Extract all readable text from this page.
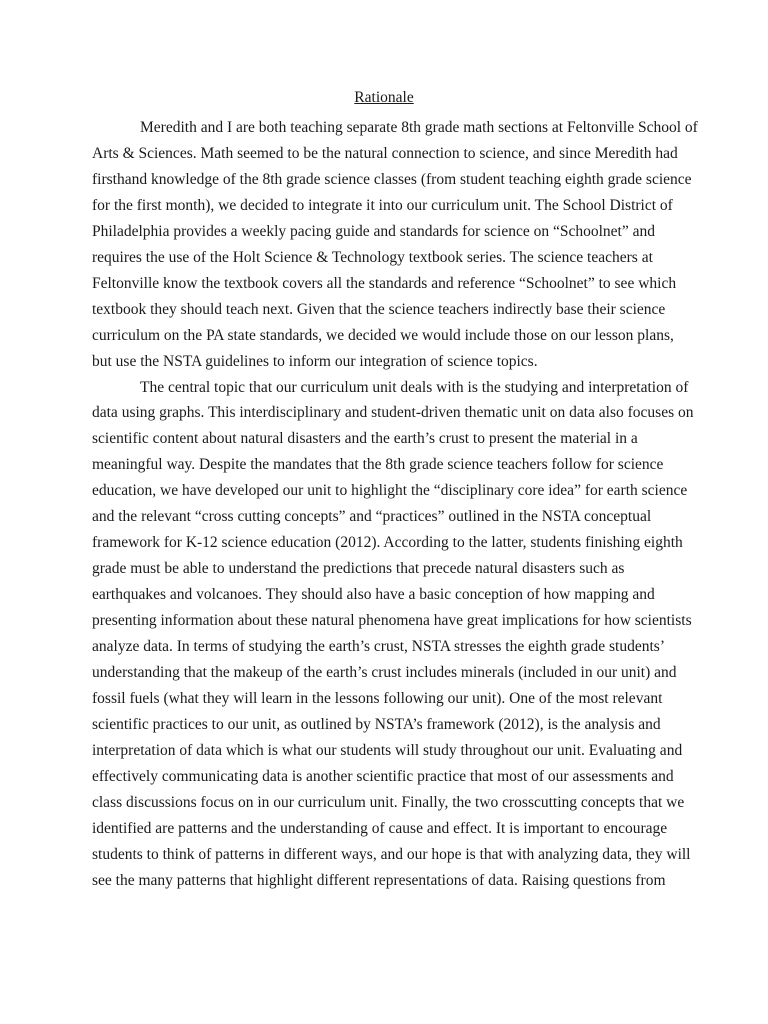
Rationale
Meredith and I are both teaching separate 8th grade math sections at Feltonville School of
Arts & Sciences. Math seemed to be the natural connection to science, and since Meredith had
firsthand knowledge of the 8th grade science classes (from student teaching eighth grade science
for the first month), we decided to integrate it into our curriculum unit. The School District of
Philadelphia provides a weekly pacing guide and standards for science on “Schoolnet” and
requires the use of the Holt Science & Technology textbook series. The science teachers at
Feltonville know the textbook covers all the standards and reference “Schoolnet” to see which
textbook they should teach next. Given that the science teachers indirectly base their science
curriculum on the PA state standards, we decided we would include those on our lesson plans,
but use the NSTA guidelines to inform our integration of science topics.
The central topic that our curriculum unit deals with is the studying and interpretation of
data using graphs. This interdisciplinary and student-driven thematic unit on data also focuses on
scientific content about natural disasters and the earth’s crust to present the material in a
meaningful way. Despite the mandates that the 8th grade science teachers follow for science
education, we have developed our unit to highlight the “disciplinary core idea” for earth science
and the relevant “cross cutting concepts” and “practices” outlined in the NSTA conceptual
framework for K-12 science education (2012). According to the latter, students finishing eighth
grade must be able to understand the predictions that precede natural disasters such as
earthquakes and volcanoes. They should also have a basic conception of how mapping and
presenting information about these natural phenomena have great implications for how scientists
analyze data. In terms of studying the earth’s crust, NSTA stresses the eighth grade students’
understanding that the makeup of the earth’s crust includes minerals (included in our unit) and
fossil fuels (what they will learn in the lessons following our unit). One of the most relevant
scientific practices to our unit, as outlined by NSTA’s framework (2012), is the analysis and
interpretation of data which is what our students will study throughout our unit. Evaluating and
effectively communicating data is another scientific practice that most of our assessments and
class discussions focus on in our curriculum unit. Finally, the two crosscutting concepts that we
identified are patterns and the understanding of cause and effect. It is important to encourage
students to think of patterns in different ways, and our hope is that with analyzing data, they will
see the many patterns that highlight different representations of data. Raising questions from
